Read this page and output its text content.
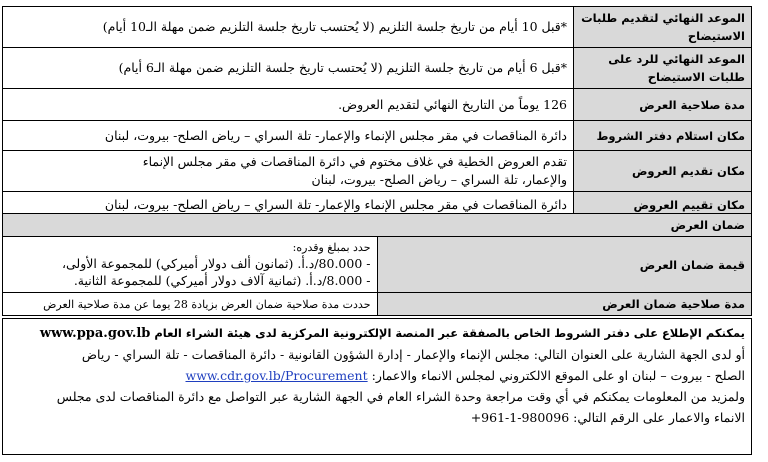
الموعد النهائي لتقديم طلبات الاستيضاح	*قبل 10 أيام من تاريخ جلسة التلزيم (لا يُحتسب تاريخ جلسة التلزيم ضمن مهلة الـ10 أيام)
الموعد النهائي للرد على طلبات الاستيضاح	*قبل 6 أيام من تاريخ جلسة التلزيم (لا يُحتسب تاريخ جلسة التلزيم ضمن مهلة الـ6 أيام)
مدة صلاحية العرض	126 يوماً من التاريخ النهائي لتقديم العروض.
مكان استلام دفتر الشروط	دائرة المناقصات في مقر مجلس الإنماء والإعمار- تلة السراي – رياض الصلح- بيروت، لبنان
مكان تقديم العروض	تقدم العروض الخطية في غلاف مختوم في دائرة المناقصات في مقر مجلس الإنماء
والإعمار، تلة السراي – رياض الصلح- بيروت، لبنان

مكان تقييم العروض	دائرة المناقصات في مقر مجلس الإنماء والإعمار- تلة السراي – رياض الصلح- بيروت، لبنان
ضمان العرض	
قيمة ضمان العرض	حدد بمبلغ وقدره:
- 80.000/د.أ. (ثمانون ألف دولار أميركي) للمجموعة الأولى،
- 8.000/د.أ. (ثمانية آلاف دولار أميركي) للمجموعة الثانية.

مدة صلاحية ضمان العرض	حددت مدة صلاحية ضمان العرض بزيادة 28 يوما عن مدة صلاحية العرض
يمكنكم الإطلاع على دفتر الشروط الخاص بالصفقة عبر المنصة الإلكترونية المركزية لدى هيئة الشراء العام www.ppa.gov.lb
أو لدى الجهة الشارية على العنوان التالي: مجلس الإنماء والإعمار - إدارة الشؤون القانونية - دائرة المناقصات - تلة السراي - رياض
الصلح - بيروت – لبنان او على الموقع الالكتروني لمجلس الانماء والاعمار: www.cdr.gov.lb/Procurement
ولمزيد من المعلومات يمكنكم في أي وقت مراجعة وحدة الشراء العام في الجهة الشارية عبر التواصل مع دائرة المناقصات لدى مجلس
الانماء والاعمار على الرقم التالي: 980096-1-961+
